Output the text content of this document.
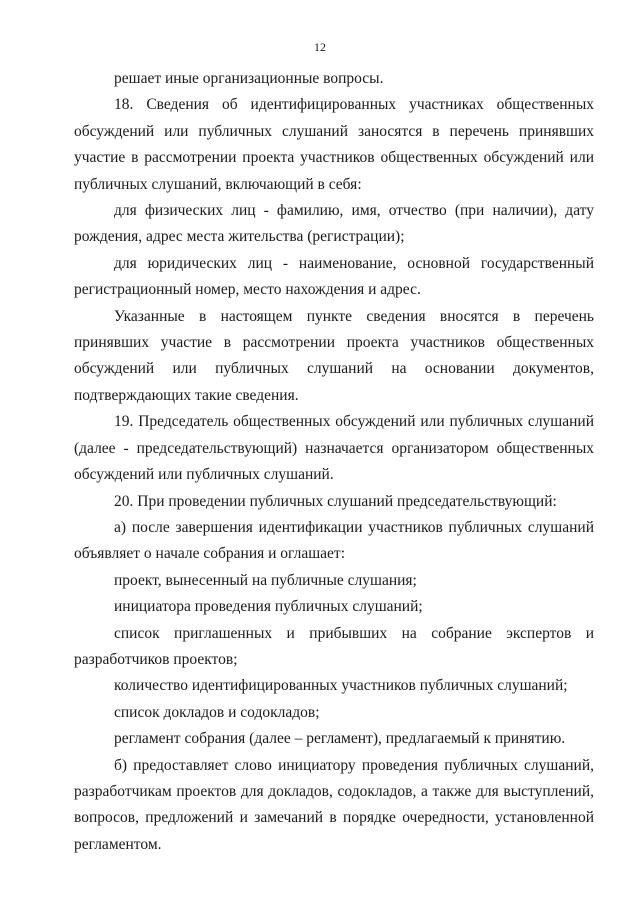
12

решает иные организационные вопросы.

18. Сведения об идентифицированных участниках общественных обсуждений или публичных слушаний заносятся в перечень принявших участие в рассмотрении проекта участников общественных обсуждений или публичных слушаний, включающий в себя:

для физических лиц - фамилию, имя, отчество (при наличии), дату рождения, адрес места жительства (регистрации);

для юридических лиц - наименование, основной государственный регистрационный номер, место нахождения и адрес.

Указанные в настоящем пункте сведения вносятся в перечень принявших участие в рассмотрении проекта участников общественных обсуждений или публичных слушаний на основании документов, подтверждающих такие сведения.

19. Председатель общественных обсуждений или публичных слушаний (далее - председательствующий) назначается организатором общественных обсуждений или публичных слушаний.

20. При проведении публичных слушаний председательствующий:

а) после завершения идентификации участников публичных слушаний объявляет о начале собрания и оглашает:

проект, вынесенный на публичные слушания;

инициатора проведения публичных слушаний;

список приглашенных и прибывших на собрание экспертов и разработчиков проектов;

количество идентифицированных участников публичных слушаний;

список докладов и содокладов;

регламент собрания (далее – регламент), предлагаемый к принятию.

б) предоставляет слово инициатору проведения публичных слушаний, разработчикам проектов для докладов, содокладов, а также для выступлений, вопросов, предложений и замечаний в порядке очередности, установленной регламентом.
